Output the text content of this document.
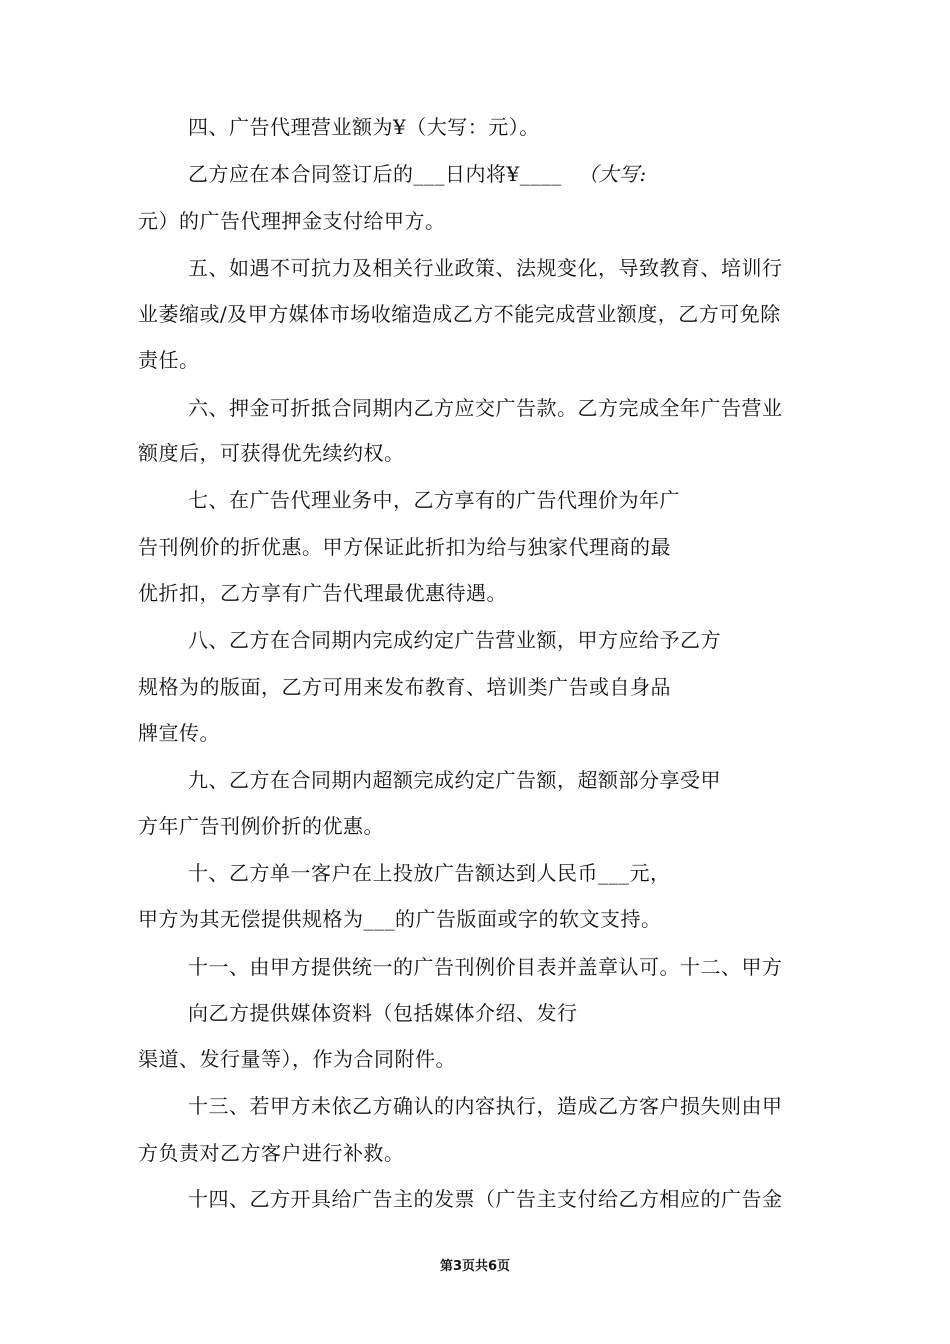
四、广告代理营业额为¥（大写：元）。
乙方应在本合同签订后的___日内将¥____ （大写:
元）的广告代理押金支付给甲方。
五、如遇不可抗力及相关行业政策、法规变化，导致教育、培训行
业萎缩或/及甲方媒体市场收缩造成乙方不能完成营业额度，乙方可免除
责任。
六、押金可折抵合同期内乙方应交广告款。乙方完成全年广告营业
额度后，可获得优先续约权。
七、在广告代理业务中，乙方享有的广告代理价为年广
告刊例价的折优惠。甲方保证此折扣为给与独家代理商的最
优折扣，乙方享有广告代理最优惠待遇。
八、乙方在合同期内完成约定广告营业额，甲方应给予乙方
规格为的版面，乙方可用来发布教育、培训类广告或自身品
牌宣传。
九、乙方在合同期内超额完成约定广告额，超额部分享受甲
方年广告刊例价折的优惠。
十、乙方单一客户在上投放广告额达到人民币___元，
甲方为其无偿提供规格为___的广告版面或字的软文支持。
十一、由甲方提供统一的广告刊例价目表并盖章认可。十二、甲方
向乙方提供媒体资料（包括媒体介绍、发行
渠道、发行量等），作为合同附件。
十三、若甲方未依乙方确认的内容执行，造成乙方客户损失则由甲
方负责对乙方客户进行补救。
十四、乙方开具给广告主的发票（广告主支付给乙方相应的广告金
第3页共6页
